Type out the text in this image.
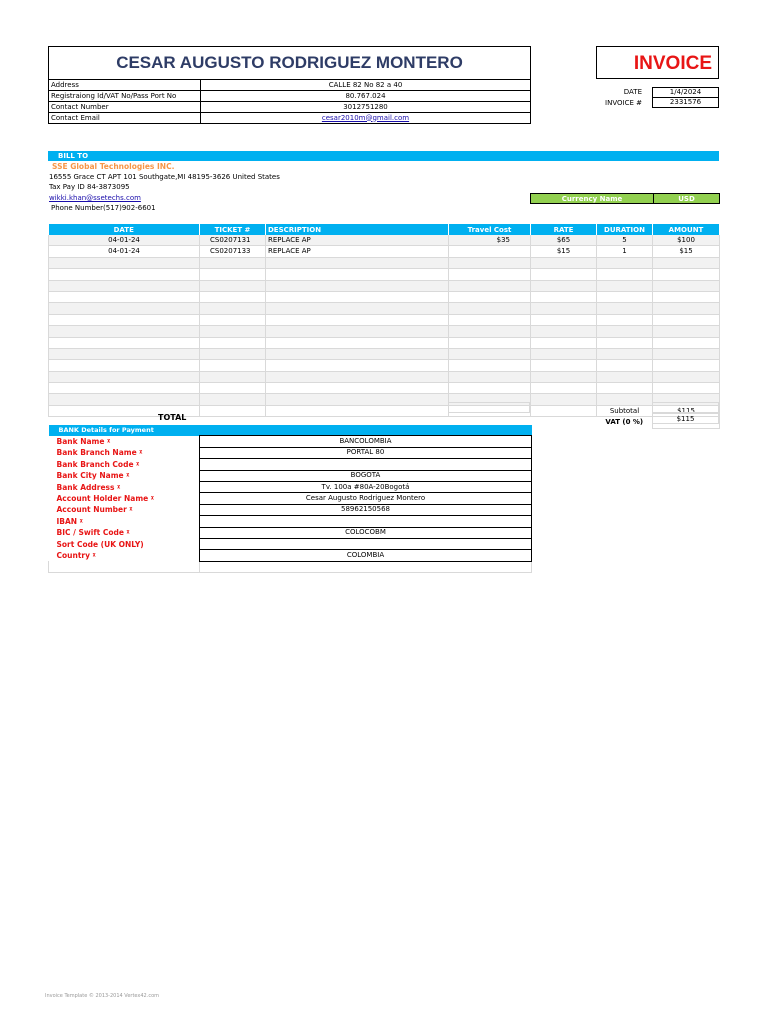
CESAR AUGUSTO RODRIGUEZ MONTERO
Address	CALLE 82 No 82 a 40
Registraiong Id/VAT No/Pass Port No	80.767.024
Contact Number	3012751280
Contact Email	cesar2010m@gmail.com
INVOICE
DATE	1/4/2024
INVOICE #	2331576
BILL TO
SSE Global Technologies INC.
16555 Grace CT APT 101 Southgate,MI 48195-3626 United States
Tax Pay ID 84-3873095
wikki.khan@ssetechs.com
Phone Number(517)902-6601
Currency Name	USD
DATE	TICKET #	DESCRIPTION	Travel Cost	RATE	DURATION	AMOUNT
04-01-24	CS0207131	REPLACE AP	$35	$65	5	$100
04-01-24	CS0207133	REPLACE AP		$15	1	$15

					Subtotal	$115
					VAT (0 %)	
TOTAL	$115
BANK Details for Payment	
Bank Name ᵡ	BANCOLOMBIA
Bank Branch Name ᵡ	PORTAL 80
Bank Branch Code ᵡ	
Bank City Name ᵡ	BOGOTA
Bank Address ᵡ	Tv. 100a #80A-20Bogotá
Account Holder Name ᵡ	Cesar Augusto Rodriguez Montero
Account Number ᵡ	58962150568
IBAN ᵡ	
BIC / Swift Code ᵡ	COLOCOBM
Sort Code (UK ONLY)	
Country ᵡ	COLOMBIA

Invoice Template © 2013-2014 Vertex42.com
